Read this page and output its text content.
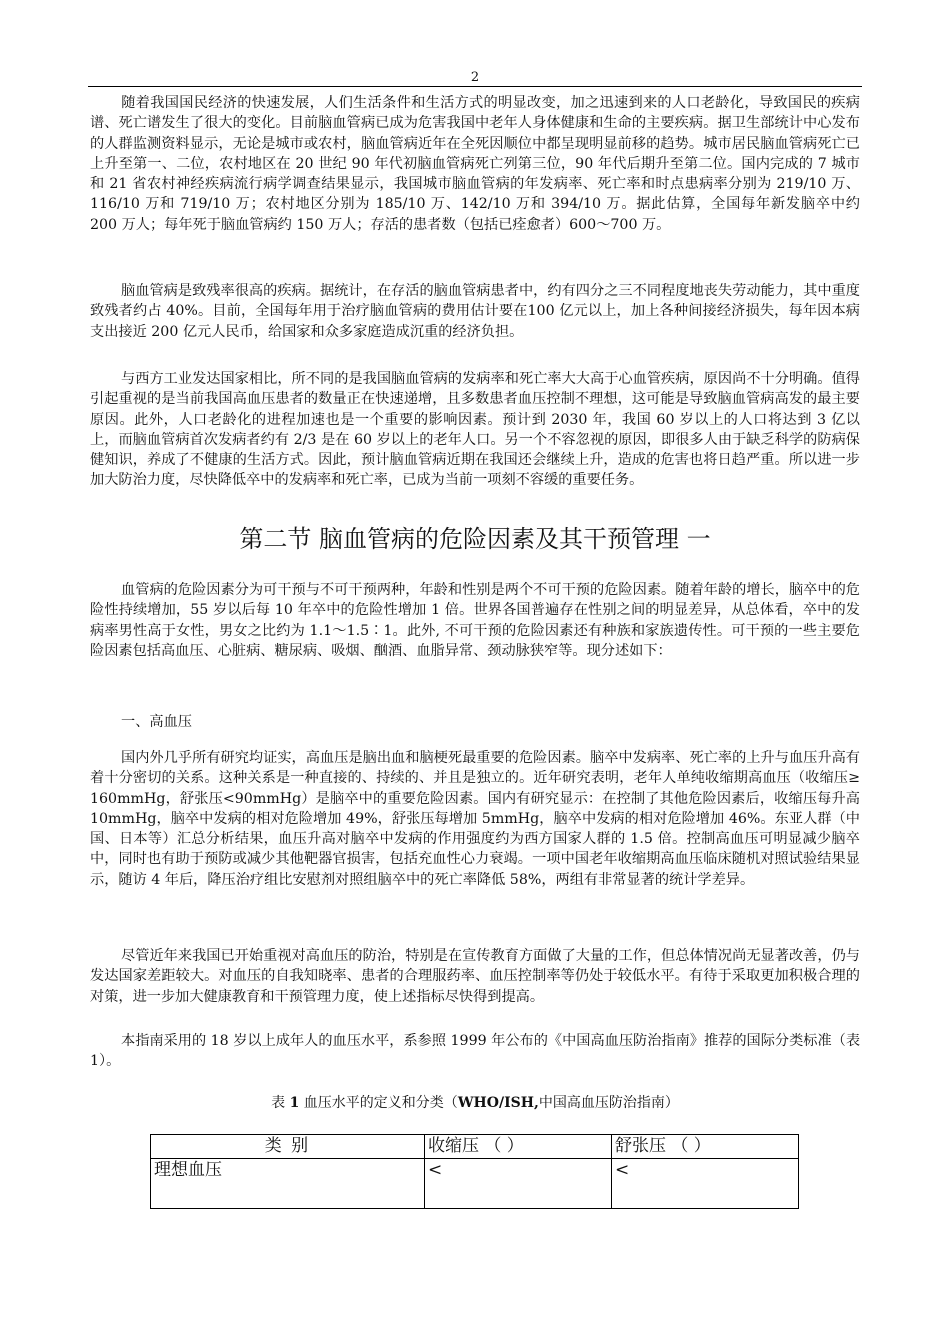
2

随着我国国民经济的快速发展，人们生活条件和生活方式的明显改变，加之迅速到来的人口老龄化，导致国民的疾病谱、死亡谱发生了很大的变化。目前脑血管病已成为危害我国中老年人身体健康和生命的主要疾病。据卫生部统计中心发布的人群监测资料显示，无论是城市或农村，脑血管病近年在全死因顺位中都呈现明显前移的趋势。城市居民脑血管病死亡已上升至第一、二位，农村地区在 20 世纪 90 年代初脑血管病死亡列第三位，90 年代后期升至第二位。国内完成的 7 城市和 21 省农村神经疾病流行病学调查结果显示，我国城市脑血管病的年发病率、死亡率和时点患病率分别为 219/10 万、116/10 万和 719/10 万；农村地区分别为 185/10 万、142/10 万和 394/10 万。据此估算，全国每年新发脑卒中约 200 万人；每年死于脑血管病约 150 万人；存活的患者数（包括已痊愈者）600～700 万。

脑血管病是致残率很高的疾病。据统计，在存活的脑血管病患者中，约有四分之三不同程度地丧失劳动能力，其中重度致残者约占 40%。目前，全国每年用于治疗脑血管病的费用估计要在100 亿元以上，加上各种间接经济损失，每年因本病支出接近 200 亿元人民币，给国家和众多家庭造成沉重的经济负担。

与西方工业发达国家相比，所不同的是我国脑血管病的发病率和死亡率大大高于心血管疾病，原因尚不十分明确。值得引起重视的是当前我国高血压患者的数量正在快速递增，且多数患者血压控制不理想，这可能是导致脑血管病高发的最主要原因。此外，人口老龄化的进程加速也是一个重要的影响因素。预计到 2030 年，我国 60 岁以上的人口将达到 3 亿以上，而脑血管病首次发病者约有 2/3 是在 60 岁以上的老年人口。另一个不容忽视的原因，即很多人由于缺乏科学的防病保健知识，养成了不健康的生活方式。因此，预计脑血管病近期在我国还会继续上升，造成的危害也将日趋严重。所以进一步加大防治力度，尽快降低卒中的发病率和死亡率，已成为当前一项刻不容缓的重要任务。

第二节 脑血管病的危险因素及其干预管理 一

血管病的危险因素分为可干预与不可干预两种，年龄和性别是两个不可干预的危险因素。随着年龄的增长，脑卒中的危险性持续增加，55 岁以后每 10 年卒中的危险性增加 1 倍。世界各国普遍存在性别之间的明显差异，从总体看，卒中的发病率男性高于女性，男女之比约为 1.1～1.5∶1。此外, 不可干预的危险因素还有种族和家族遗传性。可干预的一些主要危险因素包括高血压、心脏病、糖尿病、吸烟、酗酒、血脂异常、颈动脉狭窄等。现分述如下：

一、高血压

国内外几乎所有研究均证实，高血压是脑出血和脑梗死最重要的危险因素。脑卒中发病率、死亡率的上升与血压升高有着十分密切的关系。这种关系是一种直接的、持续的、并且是独立的。近年研究表明，老年人单纯收缩期高血压（收缩压≥ 160mmHg，舒张压<90mmHg）是脑卒中的重要危险因素。国内有研究显示：在控制了其他危险因素后，收缩压每升高 10mmHg，脑卒中发病的相对危险增加 49%，舒张压每增加 5mmHg，脑卒中发病的相对危险增加 46%。东亚人群（中国、日本等）汇总分析结果，血压升高对脑卒中发病的作用强度约为西方国家人群的 1.5 倍。控制高血压可明显减少脑卒中，同时也有助于预防或减少其他靶器官损害，包括充血性心力衰竭。一项中国老年收缩期高血压临床随机对照试验结果显示，随访 4 年后，降压治疗组比安慰剂对照组脑卒中的死亡率降低 58%，两组有非常显著的统计学差异。

尽管近年来我国已开始重视对高血压的防治，特别是在宣传教育方面做了大量的工作，但总体情况尚无显著改善，仍与发达国家差距较大。对血压的自我知晓率、患者的合理服药率、血压控制率等仍处于较低水平。有待于采取更加积极合理的对策，进一步加大健康教育和干预管理力度，使上述指标尽快得到提高。

本指南采用的 18 岁以上成年人的血压水平，系参照 1999 年公布的《中国高血压防治指南》推荐的国际分类标准（表 1）。

表 1 血压水平的定义和分类（WHO/ISH,中国高血压防治指南）
类 别	收缩压 （ ）	舒张压 （ ）
理想血压	<	<
